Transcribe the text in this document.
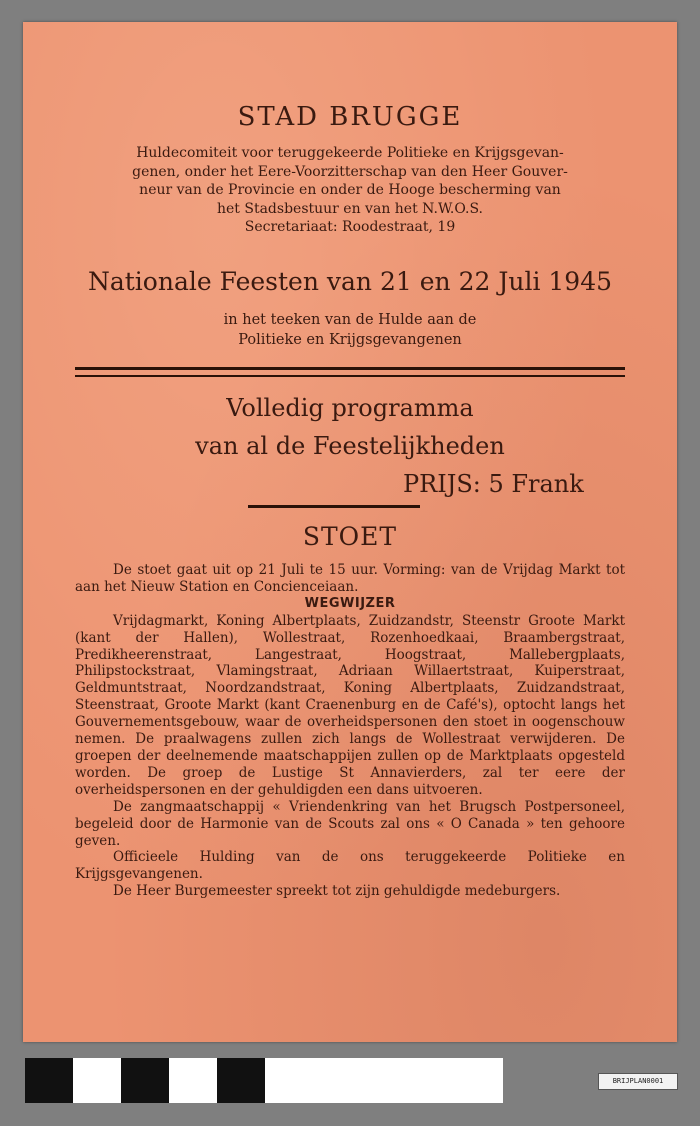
STAD BRUGGE
Huldecomiteit voor teruggekeerde Politieke en Krijgsgevan-
genen, onder het Eere-Voorzitterschap van den Heer Gouver-
neur van de Provincie en onder de Hooge bescherming van
het Stadsbestuur en van het N.W.O.S.
Secretariaat: Roodestraat, 19
Nationale Feesten van 21 en 22 Juli 1945
in het teeken van de Hulde aan de
Politieke en Krijgsgevangenen
Volledig programma
van al de Feestelijkheden
PRIJS: 5 Frank
STOET

De stoet gaat uit op 21 Juli te 15 uur. Vorming: van de Vrijdag Markt tot aan het Nieuw Station en Concienceiaan.

WEGWIJZER

Vrijdagmarkt, Koning Albertplaats, Zuidzandstr, Steenstr Groote Markt (kant der Hallen), Wollestraat, Rozenhoedkaai, Braambergstraat, Predikheerenstraat, Langestraat, Hoogstraat, Mallebergplaats, Philipstockstraat, Vlamingstraat, Adriaan Willaertstraat, Kuiperstraat, Geldmuntstraat, Noordzandstraat, Koning Albertplaats, Zuidzandstraat, Steenstraat, Groote Markt (kant Craenenburg en de Café's), optocht langs het Gouvernementsgebouw, waar de overheidspersonen den stoet in oogenschouw nemen. De praalwagens zullen zich langs de Wollestraat verwijderen. De groepen der deelnemende maatschappijen zullen op de Marktplaats opgesteld worden. De groep de Lustige St Annavierders, zal ter eere der overheidspersonen en der gehuldigden een dans uitvoeren.

De zangmaatschappij « Vriendenkring van het Brugsch Postpersoneel, begeleid door de Harmonie van de Scouts zal ons « O Canada » ten gehoore geven.

Officieele Hulding van de ons teruggekeerde Politieke en Krijgsgevangenen.

De Heer Burgemeester spreekt tot zijn gehuldigde medeburgers.

BRIJPLAN0001
